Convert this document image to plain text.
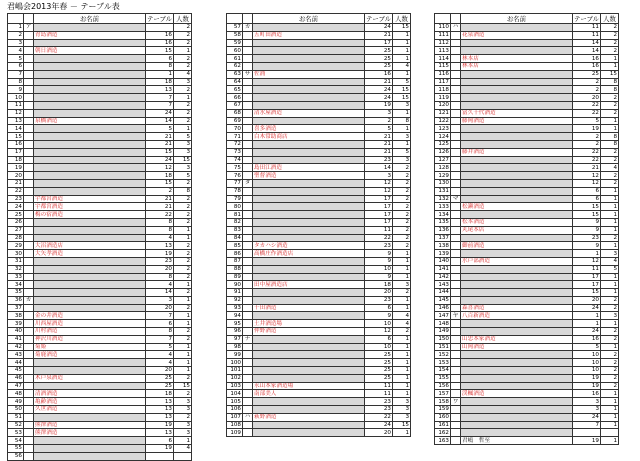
君嶋会2013年春 － テーブル表
		お名前	テーブル	人数
1	ア			2
2		青島酒造	16	2
3			16	2
4		朝日酒造	15	1
5			6	2
6			8	2
7			1	4
8			18	3
9			13	2
10			7	1
11			7	2
12			24	2
13		泉橋酒造	14	2
14			5	1
15			21	5
16			21	3
17			15	3
18			24	15
19			12	3
20			18	5
21			15	2
22			2	8
23		宇都宮酒造	21	2
24		宇都宮酒造	21	2
25		梅の宿酒造	22	2
26			8	2
27			8	1
28			4	1
29		大沼酒造店	13	2
30		大矢孝酒造	19	2
31			23	2
32			20	2
33			8	2
34			4	1
35			14	2
36	カ		3	1
37			20	2
38		金の井酒造	7	1
39		川西屋酒造	6	1
40		川村酒造	8	2
41		神沢川酒造	7	2
42		菊姫	5	1
43		菊鹿酒造	4	1
44			4	1
45			20	1
46		木戸泉酒造	25	2
47			25	15
48		清酒酒造	18	2
49		亀齢酒造	13	3
50		久世酒造	13	3
51			13	2
52		熊澤酒造	19	3
53		熊澤酒造	13	3
54			6	1
55			19	4
56				
		お名前	テーブル	人数
57	カ		24	15
58		五町田酒造	21	1
59			17	1
60			25	1
61			25	1
62			25	4
63	サ	佐浦	16	1
64			21	5
65			24	15
66			24	15
67			19	3
68		清水屋酒造	3	1
69			2	8
70		喜多酒造	5	1
71		白木常助商店	21	3
72			21	1
73			21	5
74			23	3
75		島田江酒造	14	2
76		聖督酒造	3	2
77	タ		12	2
78			12	2
79			17	2
80			17	2
81			17	2
82			17	2
83			11	2
84			22	2
85		タカハシ酒造	23	2
86		高橋庄作酒造店	9	1
87			9	1
88			10	1
89			9	1
90		田中屋酒造店	18	3
91			20	2
92			23	1
93		千田酒造	6	1
94			9	4
95		土井酒造場	10	4
96		仲野酒造	12	2
97	ナ		6	1
98			10	1
99			25	1
100			25	1
101			25	1
102			25	1
103		永山本家酒造場	11	1
104		南部美人	11	1
105			23	3
106			23	3
107	ハ	萩野酒造	22	3
108			24	15
109			20	1
		お名前	テーブル	人数
110	ハ		11	2
111		花泉酒造	11	2
112			14	2
113			14	2
114		林本店	16	1
115		林本店	16	1
116			25	15
117			2	8
118			2	8
119			20	2
120			22	2
121		富久千代酒造	22	2
122		藤岡酒造	5	1
123			19	1
124			2	8
125			2	8
126		藤井酒造	22	2
127			22	2
128			21	4
129			12	2
130			12	2
131			6	1
132	マ		6	1
133		松瀬酒造	15	1
134			15	1
135		松本酒造	9	1
136		丸尾本店	9	1
137			23	2
138		御前酒造	9	1
139			1	3
140		水戸部酒造	12	4
141			11	5
142			17	1
143			17	1
144			15	1
145			20	2
146		森喜酒造	24	2
147	ヤ	八百新酒造	1	3
148			1	1
149			24	2
150		山忠本家酒造	16	2
151		山岡酒造	5	1
152			10	2
153			10	2
154			10	2
155			19	2
156			19	2
157		渓楓酒造	16	1
158	ワ		3	1
159			3	1
160			24	1
161			7	1
162				
163		君嶋　哲至	19	1
